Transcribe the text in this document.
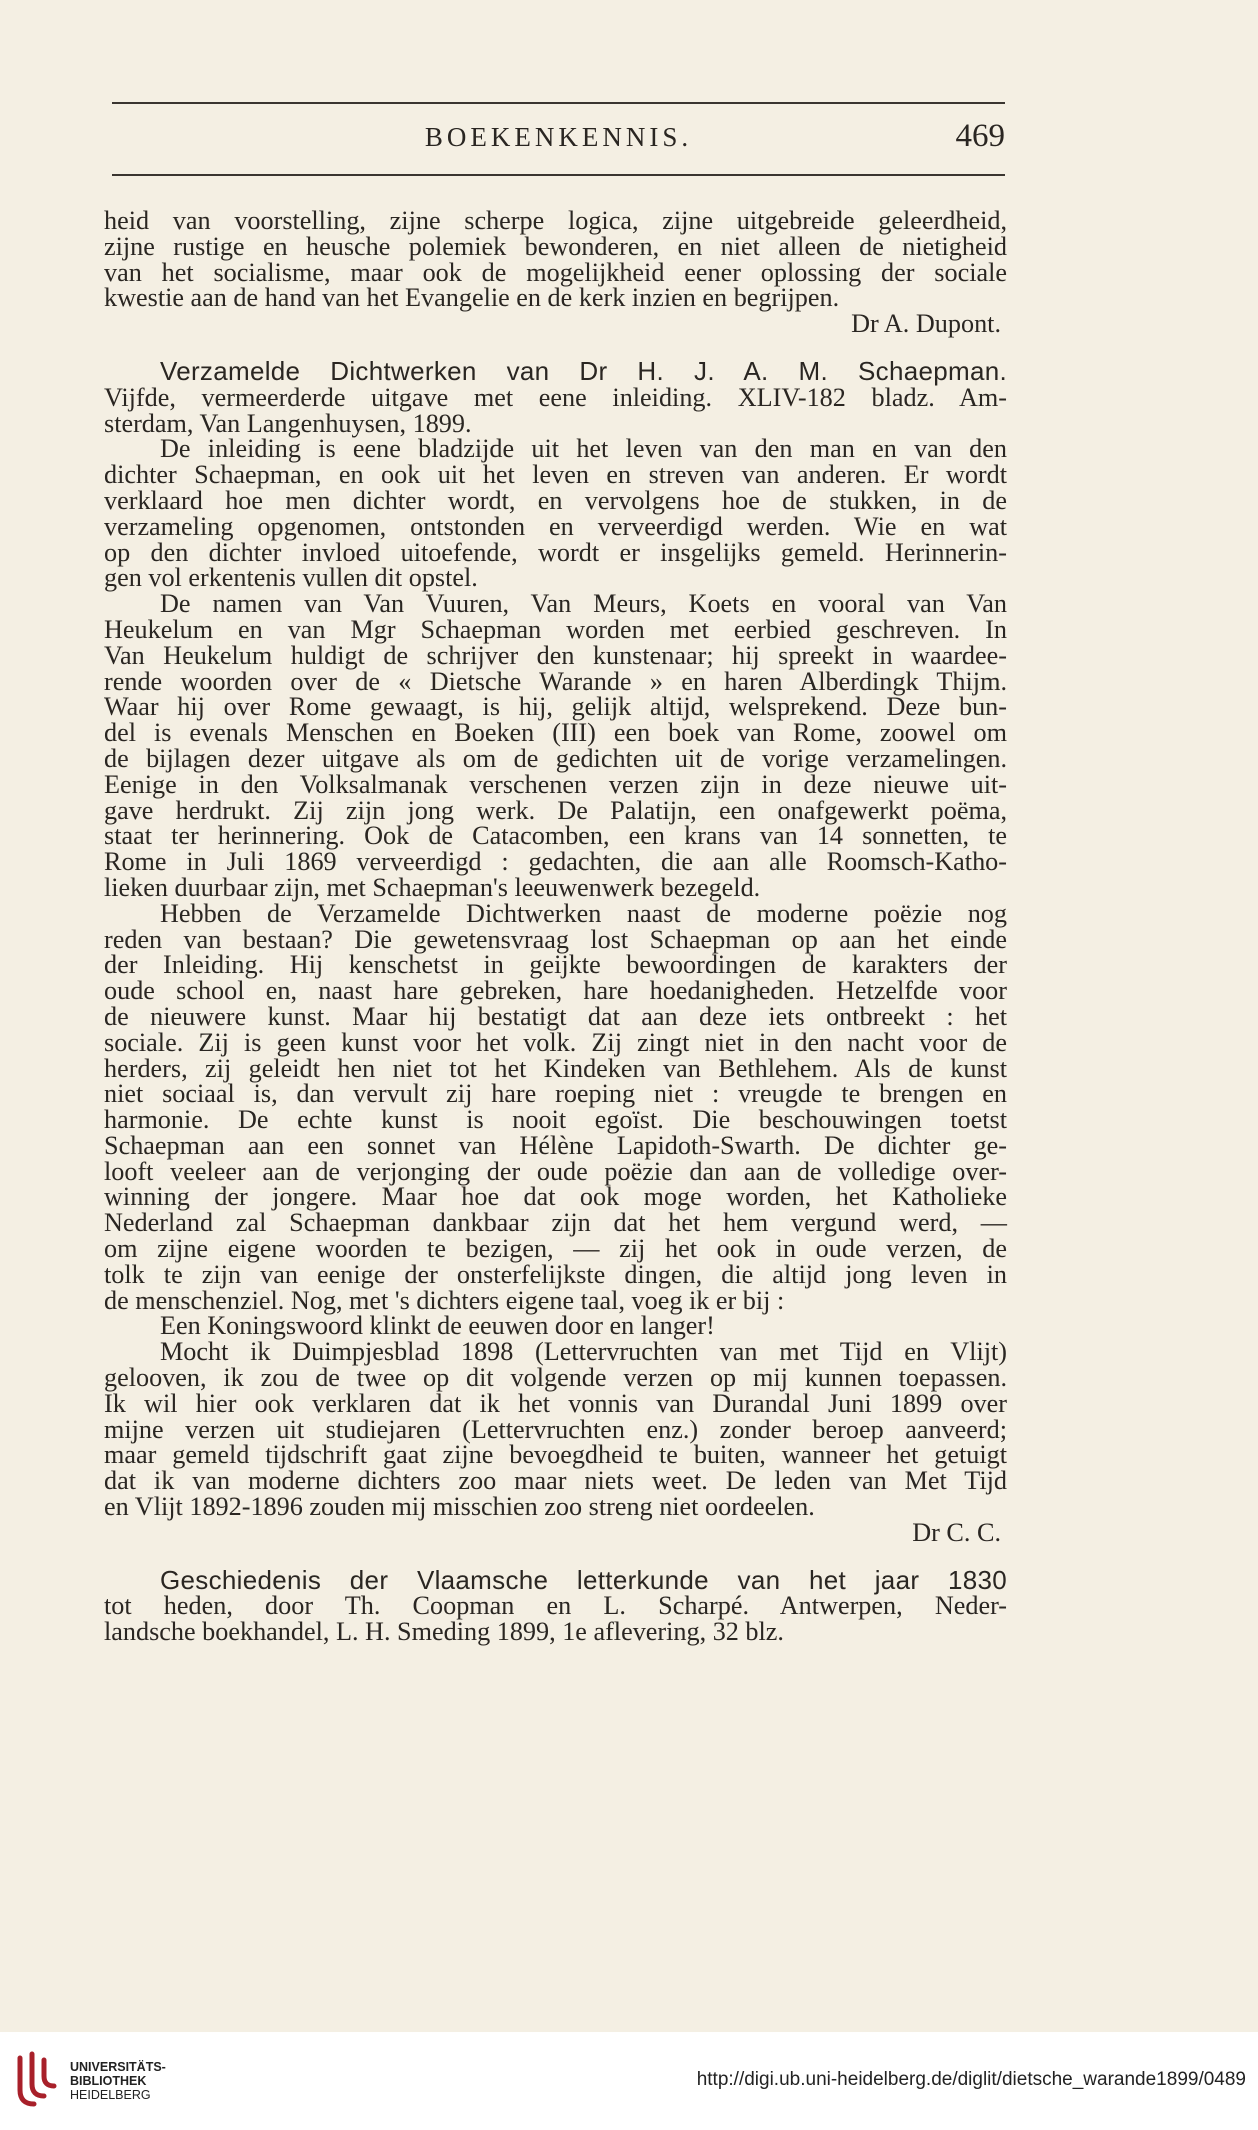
BOEKENKENNIS.	469
heid van voorstelling, zijne scherpe logica, zijne uitgebreide geleerdheid,
zijne rustige en heusche polemiek bewonderen, en niet alleen de nietigheid
van het socialisme, maar ook de mogelijkheid eener oplossing der sociale
kwestie aan de hand van het Evangelie en de kerk inzien en begrijpen.
Dr A. Dupont.
Verzamelde Dichtwerken van Dr H. J. A. M. Schaepman.
Vijfde, vermeerderde uitgave met eene inleiding. XLIV-182 bladz. Am-
sterdam, Van Langenhuysen, 1899.
De inleiding is eene bladzijde uit het leven van den man en van den
dichter Schaepman, en ook uit het leven en streven van anderen. Er wordt
verklaard hoe men dichter wordt, en vervolgens hoe de stukken, in de
verzameling opgenomen, ontstonden en verveerdigd werden. Wie en wat
op den dichter invloed uitoefende, wordt er insgelijks gemeld. Herinnerin-
gen vol erkentenis vullen dit opstel.
De namen van Van Vuuren, Van Meurs, Koets en vooral van Van
Heukelum en van Mgr Schaepman worden met eerbied geschreven. In
Van Heukelum huldigt de schrijver den kunstenaar; hij spreekt in waardee-
rende woorden over de « Dietsche Warande » en haren Alberdingk Thijm.
Waar hij over Rome gewaagt, is hij, gelijk altijd, welsprekend. Deze bun-
del is evenals Menschen en Boeken (III) een boek van Rome, zoowel om
de bijlagen dezer uitgave als om de gedichten uit de vorige verzamelingen.
Eenige in den Volksalmanak verschenen verzen zijn in deze nieuwe uit-
gave herdrukt. Zij zijn jong werk. De Palatijn, een onafgewerkt poëma,
staat ter herinnering. Ook de Catacomben, een krans van 14 sonnetten, te
Rome in Juli 1869 verveerdigd : gedachten, die aan alle Roomsch-Katho-
lieken duurbaar zijn, met Schaepman's leeuwenwerk bezegeld.
Hebben de Verzamelde Dichtwerken naast de moderne poëzie nog
reden van bestaan? Die gewetensvraag lost Schaepman op aan het einde
der Inleiding. Hij kenschetst in geijkte bewoordingen de karakters der
oude school en, naast hare gebreken, hare hoedanigheden. Hetzelfde voor
de nieuwere kunst. Maar hij bestatigt dat aan deze iets ontbreekt : het
sociale. Zij is geen kunst voor het volk. Zij zingt niet in den nacht voor de
herders, zij geleidt hen niet tot het Kindeken van Bethlehem. Als de kunst
niet sociaal is, dan vervult zij hare roeping niet : vreugde te brengen en
harmonie. De echte kunst is nooit egoïst. Die beschouwingen toetst
Schaepman aan een sonnet van Hélène Lapidoth-Swarth. De dichter ge-
looft veeleer aan de verjonging der oude poëzie dan aan de volledige over-
winning der jongere. Maar hoe dat ook moge worden, het Katholieke
Nederland zal Schaepman dankbaar zijn dat het hem vergund werd, —
om zijne eigene woorden te bezigen, — zij het ook in oude verzen, de
tolk te zijn van eenige der onsterfelijkste dingen, die altijd jong leven in
de menschenziel. Nog, met 's dichters eigene taal, voeg ik er bij :
Een Koningswoord klinkt de eeuwen door en langer!
Mocht ik Duimpjesblad 1898 (Lettervruchten van met Tijd en Vlijt)
gelooven, ik zou de twee op dit volgende verzen op mij kunnen toepassen.
Ik wil hier ook verklaren dat ik het vonnis van Durandal Juni 1899 over
mijne verzen uit studiejaren (Lettervruchten enz.) zonder beroep aanveerd;
maar gemeld tijdschrift gaat zijne bevoegdheid te buiten, wanneer het getuigt
dat ik van moderne dichters zoo maar niets weet. De leden van Met Tijd
en Vlijt 1892-1896 zouden mij misschien zoo streng niet oordeelen.
Dr C. C.
Geschiedenis der Vlaamsche letterkunde van het jaar 1830
tot heden, door Th. Coopman en L. Scharpé. Antwerpen, Neder-
landsche boekhandel, L. H. Smeding 1899, 1e aflevering, 32 blz.
UNIVERSITÄTS-
BIBLIOTHEK
HEIDELBERG
http://digi.ub.uni-heidelberg.de/diglit/dietsche_warande1899/0489
